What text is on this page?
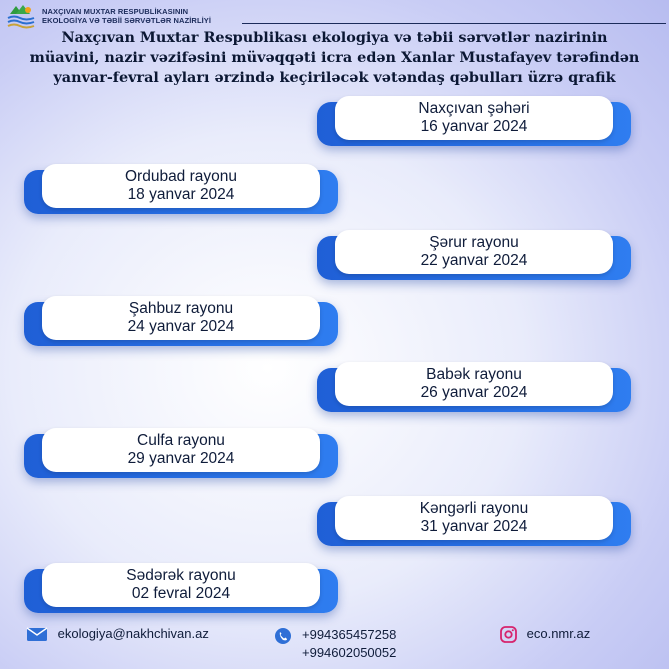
NAXÇIVAN MUXTAR RESPUBLİKASININ
EKOLOGİYA VƏ TƏBİİ SƏRVƏTLƏR NAZİRLİYİ
Naxçıvan Muxtar Respublikası ekologiya və təbii sərvətlər nazirinin
müavini, nazir vəzifəsini müvəqqəti icra edən Xanlar Mustafayev tərəfindən
yanvar-fevral ayları ərzində keçiriləcək vətəndaş qəbulları üzrə qrafik
Naxçıvan şəhəri
16 yanvar 2024
Ordubad rayonu
18 yanvar 2024
Şərur rayonu
22 yanvar 2024
Şahbuz rayonu
24 yanvar 2024
Babək rayonu
26 yanvar 2024
Culfa rayonu
29 yanvar 2024
Kəngərli rayonu
31 yanvar 2024
Sədərək rayonu
02 fevral 2024
ekologiya@nakhchivan.az	+994365457258
+994602050052
eco.nmr.az
